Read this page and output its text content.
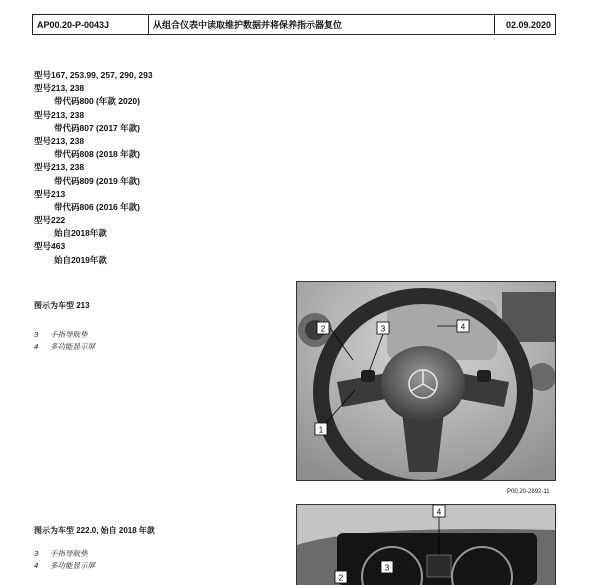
AP00.20-P-0043J	从组合仪表中读取维护数据并将保养指示器复位	02.09.2020
型号167, 253.99, 257, 290, 293
型号213, 238
带代码800 (年款 2020)
型号213, 238
带代码807 (2017 年款)
型号213, 238
带代码808 (2018 年款)
型号213, 238
带代码809 (2019 年款)
型号213
带代码806 (2016 年款)
型号222
始自2018年款
型号463
始自2019年款
图示为车型 213
3	手指导航垫
4	多功能显示屏
2	3	4
1
P00.20-2892-11
图示为车型 222.0, 始自 2018 年款
3	手指导航垫
4	多功能显示屏
4
3
2
